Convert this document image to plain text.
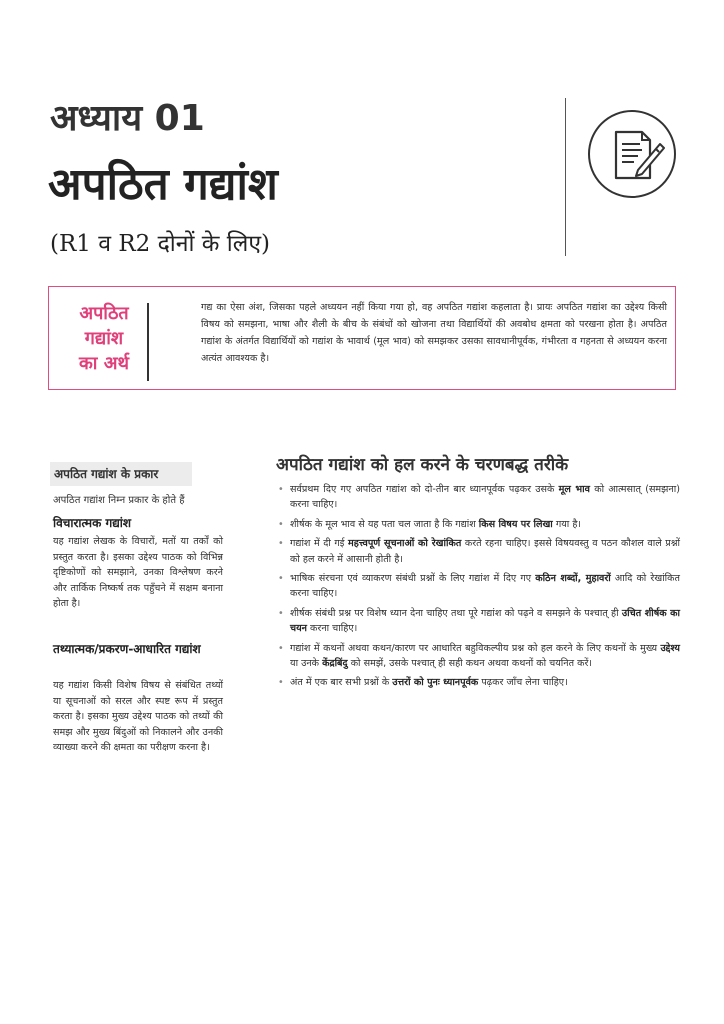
अध्याय 01
अपठित गद्यांश
(R1 व R2 दोनों के लिए)
अपठित
गद्यांश
का अर्थ
गद्य का ऐसा अंश, जिसका पहले अध्ययन नहीं किया गया हो, वह अपठित गद्यांश कहलाता है। प्रायः अपठित गद्यांश का उद्देश्य किसी विषय को समझना, भाषा और शैली के बीच के संबंधों को खोजना तथा विद्यार्थियों की अवबोध क्षमता को परखना होता है। अपठित गद्यांश के अंतर्गत विद्यार्थियों को गद्यांश के भावार्थ (मूल भाव) को समझकर उसका सावधानीपूर्वक, गंभीरता व गहनता से अध्ययन करना अत्यंत आवश्यक है।
अपठित गद्यांश के प्रकार
अपठित गद्यांश निम्न प्रकार के होते हैं
विचारात्मक गद्यांश
यह गद्यांश लेखक के विचारों, मतों या तर्कों को प्रस्तुत करता है। इसका उद्देश्य पाठक को विभिन्न दृष्टिकोणों को समझाने, उनका विश्लेषण करने और तार्किक निष्कर्ष तक पहुँचने में सक्षम बनाना होता है।
तथ्यात्मक/प्रकरण-आधारित गद्यांश
यह गद्यांश किसी विशेष विषय से संबंधित तथ्यों या सूचनाओं को सरल और स्पष्ट रूप में प्रस्तुत करता है। इसका मुख्य उद्देश्य पाठक को तथ्यों की समझ और मुख्य बिंदुओं को निकालने और उनकी व्याख्या करने की क्षमता का परीक्षण करना है।
अपठित गद्यांश को हल करने के चरणबद्ध तरीके
• सर्वप्रथम दिए गए अपठित गद्यांश को दो-तीन बार ध्यानपूर्वक पढ़कर उसके मूल भाव को आत्मसात् (समझना) करना चाहिए।
• शीर्षक के मूल भाव से यह पता चल जाता है कि गद्यांश किस विषय पर लिखा गया है।
• गद्यांश में दी गई महत्त्वपूर्ण सूचनाओं को रेखांकित करते रहना चाहिए। इससे विषयवस्तु व पठन कौशल वाले प्रश्नों को हल करने में आसानी होती है।
• भाषिक संरचना एवं व्याकरण संबंधी प्रश्नों के लिए गद्यांश में दिए गए कठिन शब्दों, मुहावरों आदि को रेखांकित करना चाहिए।
• शीर्षक संबंधी प्रश्न पर विशेष ध्यान देना चाहिए तथा पूरे गद्यांश को पढ़ने व समझने के पश्चात् ही उचित शीर्षक का चयन करना चाहिए।
• गद्यांश में कथनों अथवा कथन/कारण पर आधारित बहुविकल्पीय प्रश्न को हल करने के लिए कथनों के मुख्य उद्देश्य या उनके केंद्रबिंदु को समझें, उसके पश्चात् ही सही कथन अथवा कथनों को चयनित करें।
• अंत में एक बार सभी प्रश्नों के उत्तरों को पुनः ध्यानपूर्वक पढ़कर जाँच लेना चाहिए।
